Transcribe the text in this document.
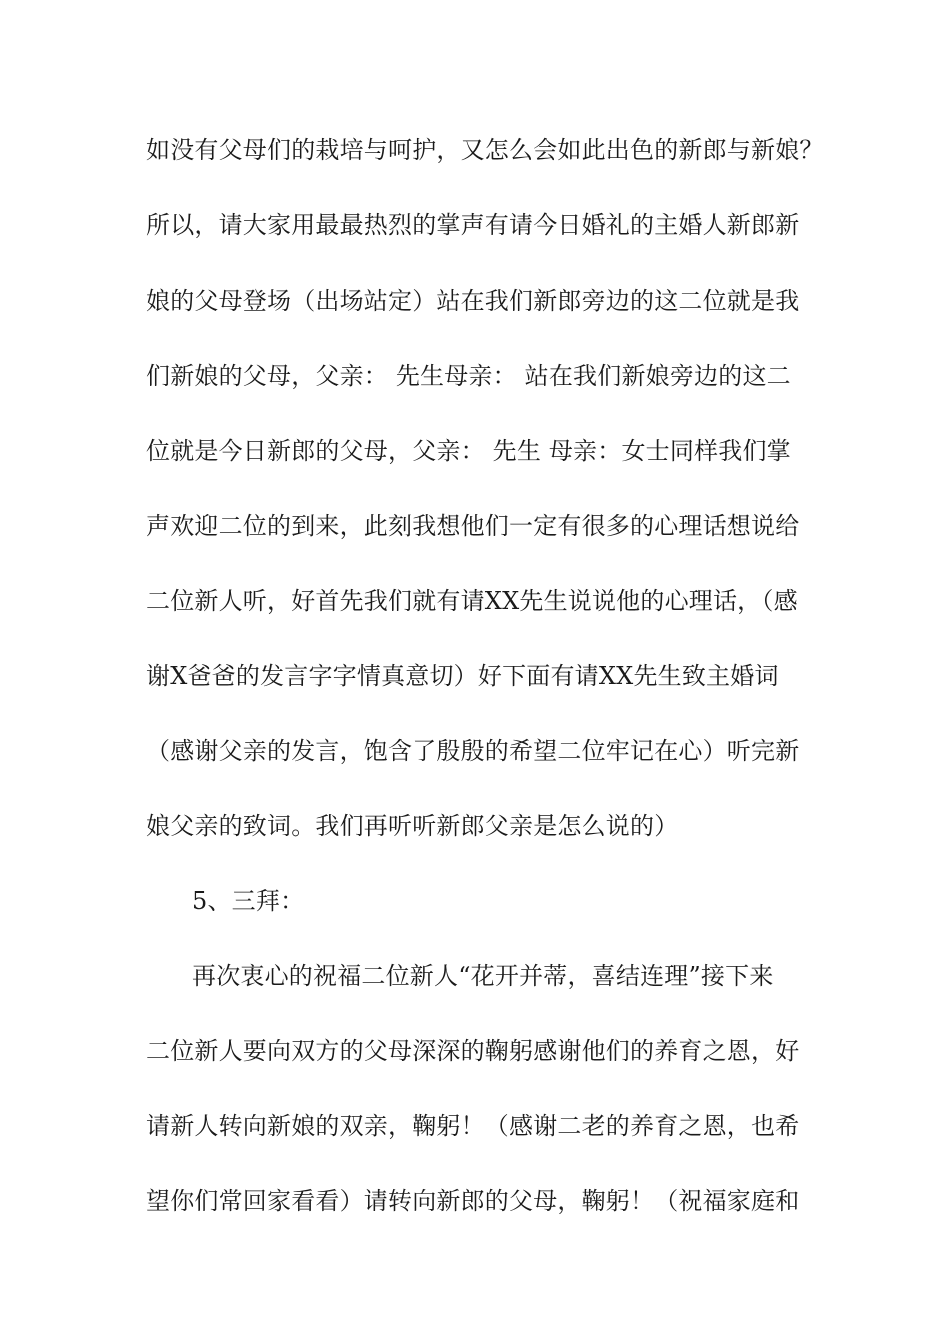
如没有父母们的栽培与呵护，又怎么会如此出色的新郎与新娘？
所以，请大家用最最热烈的掌声有请今日婚礼的主婚人新郎新
娘的父母登场（出场站定）站在我们新郎旁边的这二位就是我
们新娘的父母，父亲： 先生母亲： 站在我们新娘旁边的这二
位就是今日新郎的父母，父亲： 先生 母亲：女士同样我们掌
声欢迎二位的到来，此刻我想他们一定有很多的心理话想说给
二位新人听，好首先我们就有请XX先生说说他的心理话，（感
谢X爸爸的发言字字情真意切）好下面有请XX先生致主婚词
（感谢父亲的发言，饱含了殷殷的希望二位牢记在心）听完新
娘父亲的致词。我们再听听新郎父亲是怎么说的）
5、三拜：
再次衷心的祝福二位新人“花开并蒂，喜结连理”接下来
二位新人要向双方的父母深深的鞠躬感谢他们的养育之恩，好
请新人转向新娘的双亲，鞠躬！（感谢二老的养育之恩，也希
望你们常回家看看）请转向新郎的父母，鞠躬！（祝福家庭和
